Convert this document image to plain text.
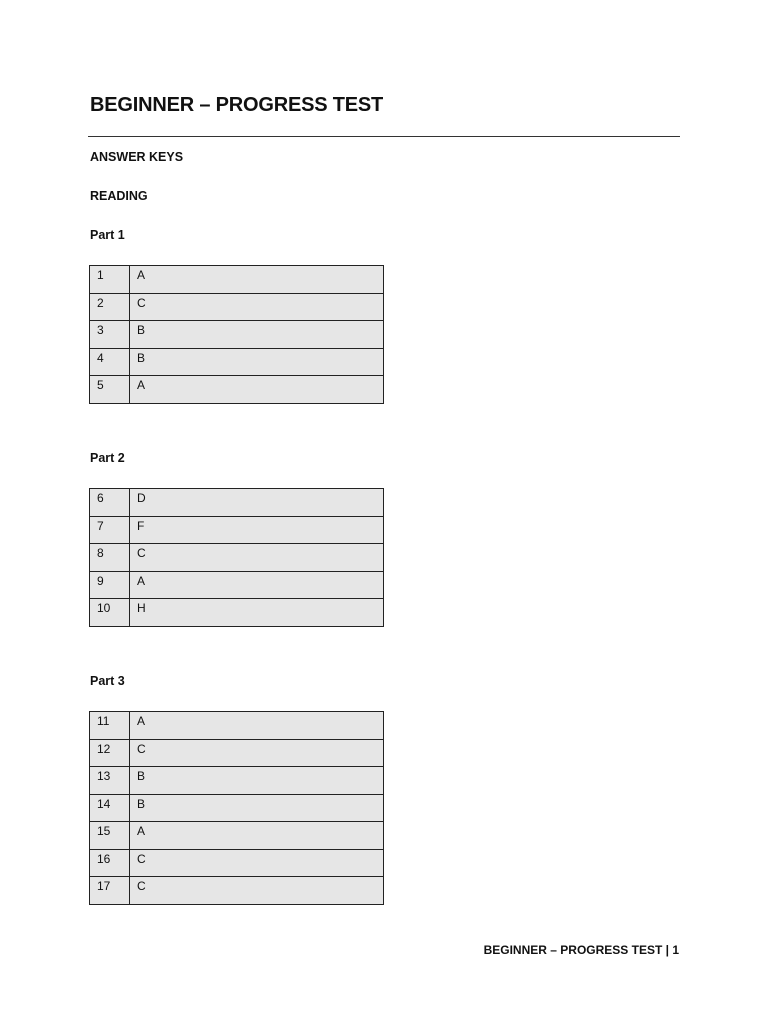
BEGINNER – PROGRESS TEST
ANSWER KEYS
READING
Part 1
1	A
2	C
3	B
4	B
5	A
Part 2
6	D
7	F
8	C
9	A
10	H
Part 3
11	A
12	C
13	B
14	B
15	A
16	C
17	C
BEGINNER – PROGRESS TEST | 1
